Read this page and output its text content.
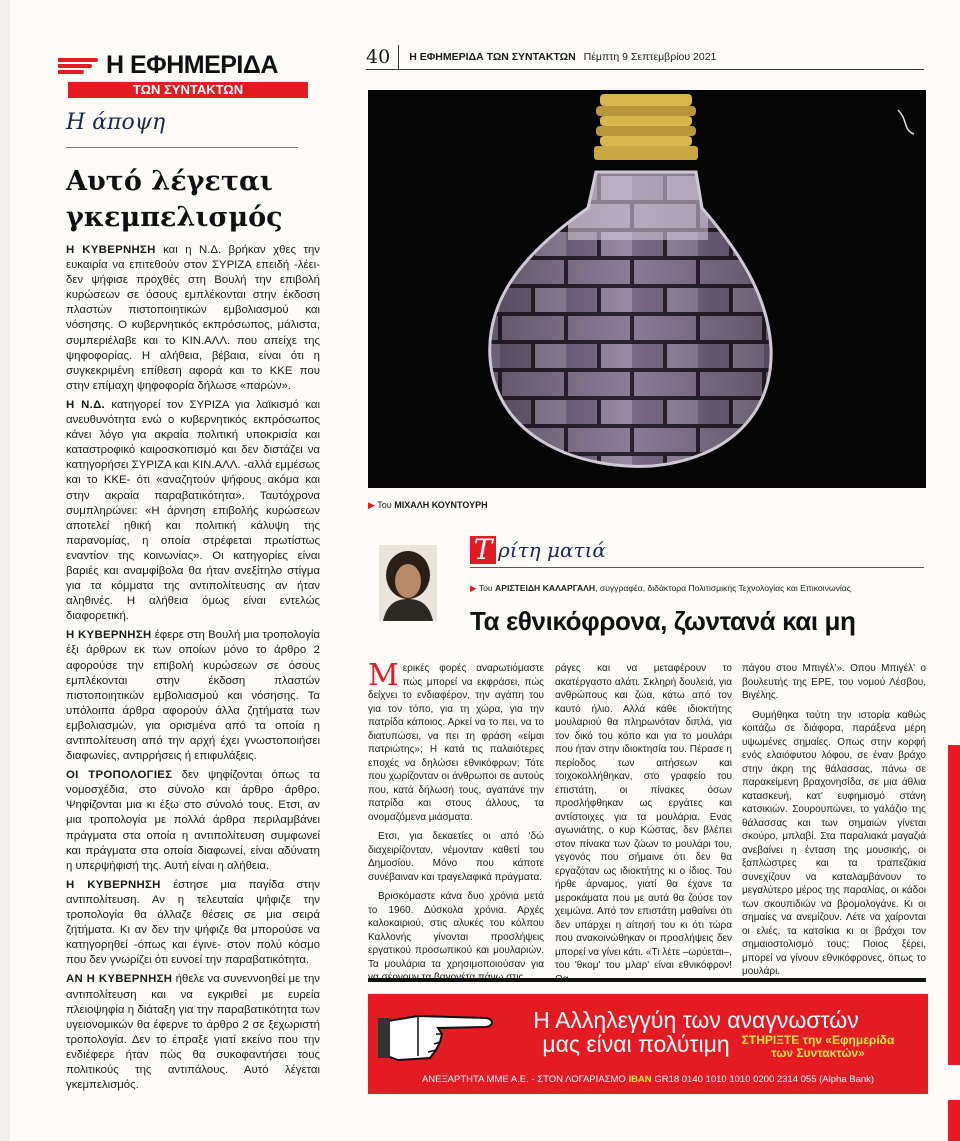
Η ΕΦΗΜΕΡΙΔΑ
ΤΩΝ ΣΥΝΤΑΚΤΩΝ
Η άποψη
Αυτό λέγεται γκεμπελισμός

Η ΚΥΒΕΡΝΗΣΗ και η Ν.Δ. βρήκαν χθες την ευκαιρία να επιτεθούν στον ΣΥΡΙΖΑ επειδή -λέει- δεν ψήφισε προχθές στη Βουλή την επιβολή κυρώσεων σε όσους εμπλέκονται στην έκδοση πλαστών πιστοποιητικών εμβολιασμού και νόσησης. Ο κυβερνητικός εκπρόσωπος, μάλιστα, συμπεριέλαβε και το ΚΙΝ.ΑΛΛ. που απείχε της ψηφοφορίας. Η αλήθεια, βέβαια, είναι ότι η συγκεκριμένη επίθεση αφορά και το ΚΚΕ που στην επίμαχη ψηφοφορία δήλωσε «παρών».

Η Ν.Δ. κατηγορεί τον ΣΥΡΙΖΑ για λαϊκισμό και ανευθυνότητα ενώ ο κυβερνητικός εκπρόσωπος κάνει λόγο για ακραία πολιτική υποκρισία και καταστροφικό καιροσκοπισμό και δεν διστάζει να κατηγορήσει ΣΥΡΙΖΑ και ΚΙΝ.ΑΛΛ. -αλλά εμμέσως και το ΚΚΕ- ότι «αναζητούν ψήφους ακόμα και στην ακραία παραβατικότητα». Ταυτόχρονα συμπληρώνει: «Η άρνηση επιβολής κυρώσεων αποτελεί ηθική και πολιτική κάλυψη της παρανομίας, η οποία στρέφεται πρωτίστως εναντίον της κοινωνίας». Οι κατηγορίες είναι βαριές και αναμφίβολα θα ήταν ανεξίτηλο στίγμα για τα κόμματα της αντιπολίτευσης αν ήταν αληθινές. Η αλήθεια όμως είναι εντελώς διαφορετική.

Η ΚΥΒΕΡΝΗΣΗ έφερε στη Βουλή μια τροπολογία έξι άρθρων εκ των οποίων μόνο το άρθρο 2 αφορούσε την επιβολή κυρώσεων σε όσους εμπλέκονται στην έκδοση πλαστών πιστοποιητικών εμβολιασμού και νόσησης. Τα υπόλοιπα άρθρα αφορούν άλλα ζητήματα των εμβολιασμών, για ορισμένα από τα οποία η αντιπολίτευση από την αρχή έχει γνωστοποιήσει διαφωνίες, αντιρρήσεις ή επιφυλάξεις.

ΟΙ ΤΡΟΠΟΛΟΓΙΕΣ δεν ψηφίζονται όπως τα νομοσχέδια, στο σύνολο και άρθρο άρθρο. Ψηφίζονται μια κι έξω στο σύνολό τους. Ετσι, αν μια τροπολογία με πολλά άρθρα περιλαμβάνει πράγματα στα οποία η αντιπολίτευση συμφωνεί και πράγματα στα οποία διαφωνεί, είναι αδύνατη η υπερψήφισή της. Αυτή είναι η αλήθεια.

Η ΚΥΒΕΡΝΗΣΗ έστησε μια παγίδα στην αντιπολίτευση. Αν η τελευταία ψήφιζε την τροπολογία θα άλλαζε θέσεις σε μια σειρά ζητήματα. Κι αν δεν την ψήφιζε θα μπορούσε να κατηγορηθεί -όπως και έγινε- στον πολύ κόσμο που δεν γνωρίζει ότι ευνοεί την παραβατικότητα.

ΑΝ Η ΚΥΒΕΡΝΗΣΗ ήθελε να συνεννοηθεί με την αντιπολίτευση και να εγκριθεί με ευρεία πλειοψηφία η διάταξη για την παραβατικότητα των υγειονομικών θα έφερνε το άρθρο 2 σε ξεχωριστή τροπολογία. Δεν το έπραξε γιατί εκείνο που την ενδιέφερε ήταν πώς θα συκοφαντήσει τους πολιτικούς της αντιπάλους. Αυτό λέγεται γκεμπελισμός.

40	Η ΕΦΗΜΕΡΙΔΑ ΤΩΝ ΣΥΝΤΑΚΤΩΝ Πέμπτη 9 Σεπτεμβρίου 2021
▶ Του ΜΙΧΑΛΗ ΚΟΥΝΤΟΥΡΗ
Τ ρίτη ματιά
▶ Του ΑΡΙΣΤΕΙΔΗ ΚΑΛΑΡΓΑΛΗ, συγγραφέα, διδάκτορα Πολιτισμικής Τεχνολογίας και Επικοινωνίας
Τα εθνικόφρονα, ζωντανά και μη

Μερικές φορές αναρωτιόμαστε πώς μπορεί να εκφράσει, πώς δείχνει το ενδιαφέρον, την αγάπη του για τον τόπο, για τη χώρα, για την πατρίδα κάποιος. Αρκεί να το πει, να το διατυπώσει, να πει τη φράση «είμαι πατριώτης»; Η κατά τις παλαιότερες εποχές να δηλώσει εθνικόφρων; Τότε που χωρίζονταν οι άνθρωποι σε αυτούς που, κατά δήλωσή τους, αγαπάνε την πατρίδα και στους άλλους, τα ονομαζόμενα μιάσματα.

Ετσι, για δεκαετίες οι από 'δώ διαχειρίζονταν, νέμονταν καθετί του Δημοσίου. Μόνο που κάποτε συνέβαιναν και τραγελαφικά πράγματα.

Βρισκόμαστε κάνα δυο χρόνια μετά το 1960. Δύσκολα χρόνια. Αρχές καλοκαιριού, στις αλυκές του κόλπου Καλλονής γίνονται προσλήψεις εργατικού προσωπικού και μουλαριών. Τα μουλάρια τα χρησιμοποιούσαν για να σέρνουν τα βαγονέτα πάνω στις

ράγες και να μεταφέρουν το ακατέργαστο αλάτι. Σκληρή δουλειά, για ανθρώπους και ζώα, κάτω από τον καυτό ήλιο. Αλλά κάθε ιδιοκτήτης μουλαριού θα πληρωνόταν διπλά, για τον δικό του κόπο και για το μουλάρι που ήταν στην ιδιοκτησία του. Πέρασε η περίοδος των αιτήσεων και τοιχοκολλήθηκαν, στο γραφείο του επιστάτη, οι πίνακες όσων προσλήφθηκαν ως εργάτες και αντίστοιχες για τα μουλάρια. Ενας αγωνιάτης, ο κυρ Κώστας, δεν βλέπει στον πίνακα των ζώων το μουλάρι του, γεγονός που σήμαινε ότι δεν θα εργαζόταν ως ιδιοκτήτης κι ο ίδιος. Του ήρθε άρναμος, γιατί θα έχανε τα μεροκάματα που με αυτά θα ζούσε τον χειμώνα. Από τον επιστάτη μαθαίνει ότι δεν υπάρχει η αίτησή του κι ότι τώρα που ανακοινώθηκαν οι προσλήψεις δεν μπορεί να γίνει κάτι. «Τι λέτε –ωρύεται–, του 'θκομ' του μλαρ' είναι εθνικόφρον! Θα

πάγου στου Μπιγέλ'». Οπου Μπιγέλ' ο βουλευτής της ΕΡΕ, του νομού Λέσβου, Βιγέλης.

Θυμήθηκα τούτη την ιστορία καθώς κοιτάζω σε διάφορα, παράξενα μέρη υψωμένες σημαίες. Οπως στην κορφή ενός ελαιόφυτου λόφου, σε έναν βράχο στην άκρη της θάλασσας, πάνω σε παρακείμενη βραχονησίδα, σε μια άθλια κατασκευή, κατ' ευφημισμό στάνη κατσικιών. Σουρουπώνει, το γαλάζιο της θάλασσας και των σημαιών γίνεται σκούρο, μπλαβί. Στα παραλιακά μαγαζιά ανεβαίνει η ένταση της μουσικής, οι ξαπλώστρες και τα τραπεζάκια συνεχίζουν να καταλαμβάνουν το μεγαλύτερο μέρος της παραλίας, οι κάδοι των σκουπιδιών να βρομολογάνε. Κι οι σημαίες να ανεμίζουν. Λέτε να χαίρονται οι ελιές, τα κατσίκια κι οι βράχοι τον σημαιοστολισμό τους; Ποιος ξέρει, μπορεί να γίνουν εθνικόφρονες, όπως το μουλάρι.

Η Αλληλεγγύη των αναγνωστών
μας είναι πολύτιμη ΣΤΗΡΙΞΤΕ την «Εφημερίδα
των Συντακτών»
ΑΝΕΞΑΡΤΗΤΑ ΜΜΕ Α.Ε. - ΣΤΟΝ ΛΟΓΑΡΙΑΣΜΟ IBAN GR18 0140 1010 1010 0200 2314 055 (Alpha Bank)
